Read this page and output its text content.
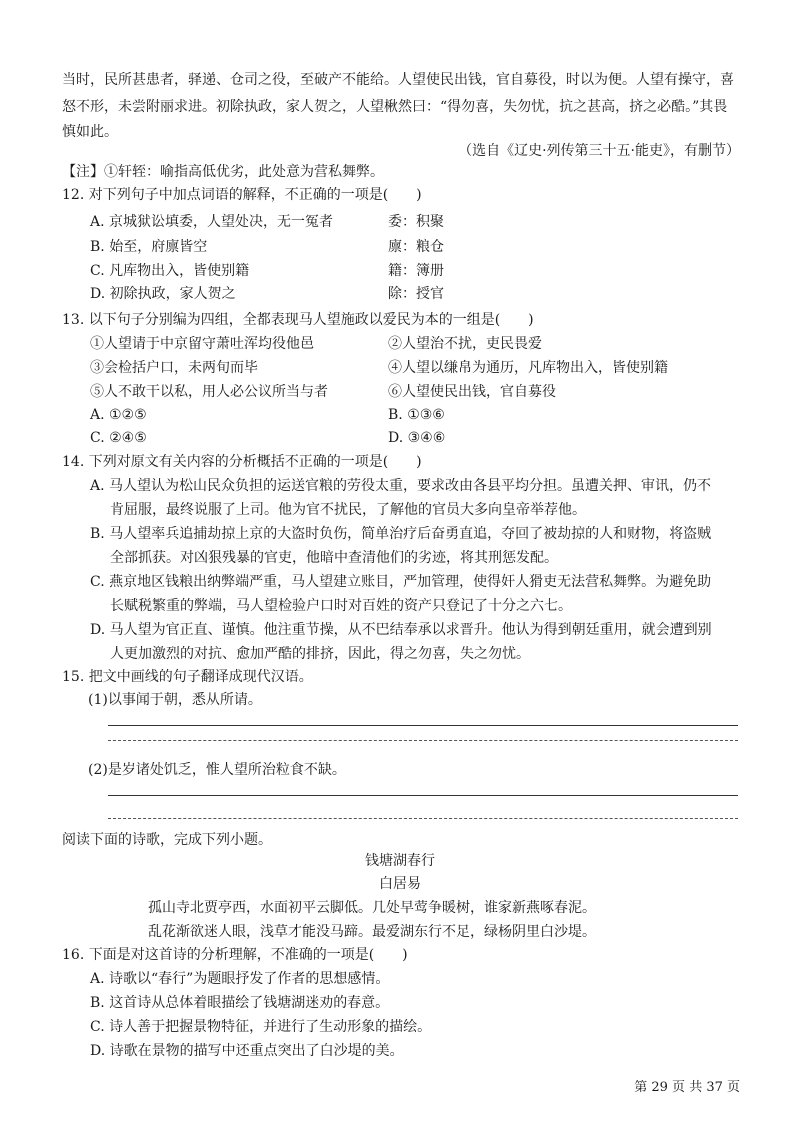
当时，民所甚患者，驿递、仓司之役，至破产不能给。人望使民出钱，官自募役，时以为便。人望有操守，喜
怒不形，未尝附丽求进。初除执政，家人贺之，人望楸然曰：“得勿喜，失勿忧，抗之甚高，挤之必酷。”其畏
慎如此。
（选自《辽史·列传第三十五·能吏》，有删节）
【注】①轩轾：喻指高低优劣，此处意为营私舞弊。
12. 对下列句子中加点词语的解释，不正确的一项是(　　)
A. 京城狱讼填委，人望处决，无一冤者	委：积聚
B. 始至，府廪皆空	廪：粮仓
C. 凡库物出入，皆使别籍	籍：簿册
D. 初除执政，家人贺之	除：授官
13. 以下句子分别编为四组，全都表现马人望施政以爱民为本的一组是(　　)
①人望请于中京留守萧吐浑均役他邑	②人望治不扰，吏民畏爱
③会检括户口，未两旬而毕	④人望以缣帛为通历，凡库物出入，皆使别籍
⑤人不敢干以私，用人必公议所当与者	⑥人望使民出钱，官自募役
A. ①②⑤	B. ①③⑥
C. ②④⑤	D. ③④⑥
14. 下列对原文有关内容的分析概括不正确的一项是(　　)
A. 马人望认为松山民众负担的运送官粮的劳役太重，要求改由各县平均分担。虽遭关押、审讯，仍不
肯屈服，最终说服了上司。他为官不扰民，了解他的官员大多向皇帝举荐他。
B. 马人望率兵追捕劫掠上京的大盗时负伤，简单治疗后奋勇直追，夺回了被劫掠的人和财物，将盗贼
全部抓获。对凶狠残暴的官吏，他暗中查清他们的劣迹，将其刑惩发配。
C. 燕京地区钱粮出纳弊端严重，马人望建立账目，严加管理，使得奸人猾吏无法营私舞弊。为避免助
长赋税繁重的弊端，马人望检验户口时对百姓的资产只登记了十分之六七。
D. 马人望为官正直、谨慎。他注重节操，从不巴结奉承以求晋升。他认为得到朝廷重用，就会遭到别
人更加激烈的对抗、愈加严酷的排挤，因此，得之勿喜，失之勿忧。
15. 把文中画线的句子翻译成现代汉语。
(1)以事闻于朝，悉从所请。
(2)是岁诸处饥乏，惟人望所治粒食不缺。
阅读下面的诗歌，完成下列小题。
钱塘湖春行
白居易
孤山寺北贾亭西，水面初平云脚低。几处早莺争暖树，谁家新燕啄春泥。
乱花渐欲迷人眼，浅草才能没马蹄。最爱湖东行不足，绿杨阴里白沙堤。
16. 下面是对这首诗的分析理解，不准确的一项是(　　)
A. 诗歌以“春行”为题眼抒发了作者的思想感情。
B. 这首诗从总体着眼描绘了钱塘湖迷劝的春意。
C. 诗人善于把握景物特征，并进行了生动形象的描绘。
D. 诗歌在景物的描写中还重点突出了白沙堤的美。
第 29 页 共 37 页
